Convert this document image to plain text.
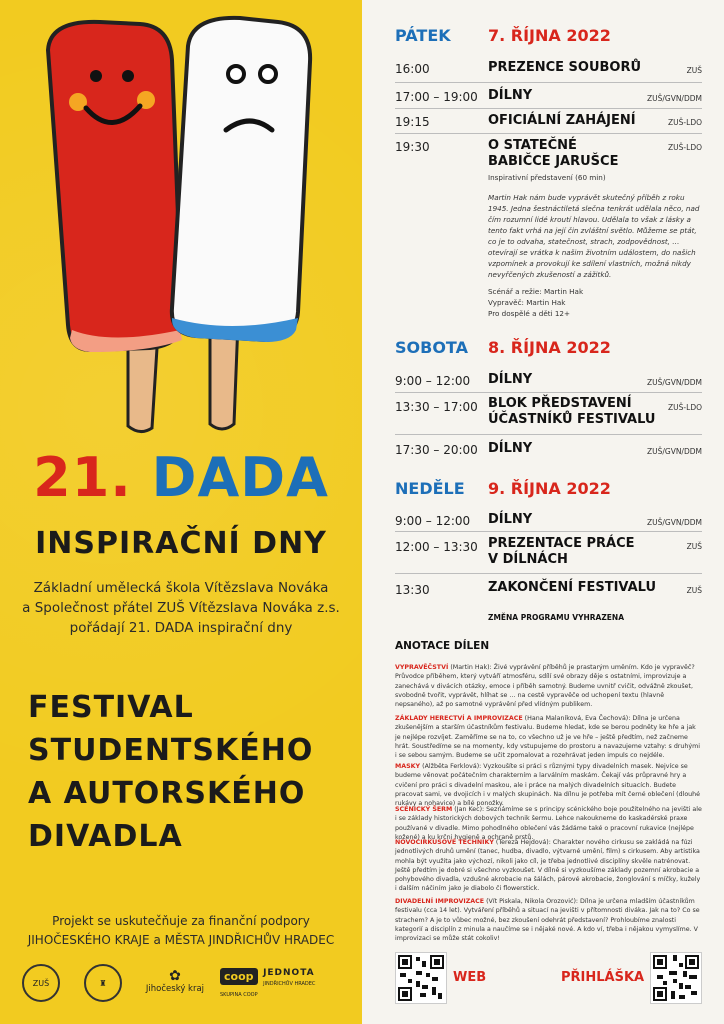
21. DADA
INSPIRAČNÍ DNY
Základní umělecká škola Vítězslava Nováka
a Společnost přátel ZUŠ Vítězslava Nováka z.s.
pořádají 21. DADA inspirační dny
FESTIVAL
STUDENTSKÉHO
A AUTORSKÉHO
DIVADLA
Projekt se uskutečňuje za finanční podpory
JIHOČESKÉHO KRAJE a MĚSTA JINDŘICHŮV HRADEC
ZUŠ	♜	✿
Jihočeský kraj
coop JEDNOTA
JINDŘICHŮV HRADEC
SKUPINA COOP
PÁTEK 7. ŘÍJNA 2022
16:00	PREZENCE SOUBORŮ	ZUŠ
17:00 – 19:00 DÍLNY	ZUŠ/GVN/DDM
19:15	OFICIÁLNÍ ZAHÁJENÍ	ZUŠ-LDO
19:30	O STATEČNÉ
BABIČCE JARUŠCE
ZUŠ-LDO
Inspirativní představení (60 min)
Martin Hak nám bude vyprávět skutečný příběh z roku 1945. Jedna šestnáctiletá slečna tenkrát udělala něco, nad čím rozumní lidé kroutí hlavou. Udělala to však z lásky a tento fakt vrhá na její čin zvláštní světlo. Můžeme se ptát, co je to odvaha, statečnost, strach, zodpovědnost, … otevírají se vrátka k našim životním událostem, do našich vzpomínek a provokují ke sdílení vlastních, možná nikdy nevyřčených zkušeností a zážitků.
Scénář a režie: Martin Hak
Vypravěč: Martin Hak
Pro dospělé a děti 12+
SOBOTA 8. ŘÍJNA 2022
9:00 – 12:00 DÍLNY	ZUŠ/GVN/DDM
13:30 – 17:00 BLOK PŘEDSTAVENÍ
ÚČASTNÍKŮ FESTIVALU
ZUŠ-LDO
17:30 – 20:00 DÍLNY	ZUŠ/GVN/DDM
NEDĚLE 9. ŘÍJNA 2022
9:00 – 12:00 DÍLNY	ZUŠ/GVN/DDM
12:00 – 13:30 PREZENTACE PRÁCE
V DÍLNÁCH
ZUŠ
13:30	ZAKONČENÍ FESTIVALU	ZUŠ
ZMĚNA PROGRAMU VYHRAZENA
ANOTACE DÍLEN
VYPRAVĚČSTVÍ (Martin Hak): Živé vyprávění příběhů je prastarým uměním. Kdo je vypravěč? Průvodce příběhem, který vytváří atmosféru, sdílí své obrazy děje s ostatními, improvizuje a zanechává v divácích otázky, emoce i příběh samotný. Budeme uvnitř cvičit, odvážně zkoušet, svobodně tvořit, vyprávět, hlíhat se … na cestě vypravěče od uchopení textu (hlavně nepsaného), až po samotné vyprávění před vlídným publikem.
ZÁKLADY HERECTVÍ A IMPROVIZACE (Hana Malaníková, Eva Čechová): Dílna je určena zkušenějším a starším účastníkům festivalu. Budeme hledat, kde se berou podněty ke hře a jak je nejlépe rozvíjet. Zaměříme se na to, co všechno už je ve hře – ještě předtím, než začneme hrát. Soustředíme se na momenty, kdy vstupujeme do prostoru a navazujeme vztahy: s druhými i se sebou samým. Budeme se učit zpomalovat a rozehrávat jeden impuls co nejdéle.
MASKY (Alžběta Ferklová): Vyzkoušíte si práci s různými typy divadelních masek. Nejvíce se budeme věnovat počátečním charakterním a larválním maskám. Čekají vás průpravné hry a cvičení pro práci s divadelní maskou, ale i práce na malých divadelních situacích. Budete pracovat sami, ve dvojicích i v malých skupinách. Na dílnu je potřeba mít černé oblečení (dlouhé rukávy a nohavice) a bílé ponožky.
SCÉNICKÝ ŠERM (Jan Kec): Seznámíme se s principy scénického boje použitelného na jevišti ale i se základy historických dobových technik šermu. Lehce nakoukneme do kaskadérské praxe používané v divadle. Mimo pohodlného oblečení vás žádáme také o pracovní rukavice (nejlépe kožené) a ku krčni hygieně a ochraně prstů.
NOVOCIRKUSOVÉ TECHNIKY (Tereza Hejdová): Charakter nového cirkusu se zakládá na fúzi jednotlivých druhů umění (tanec, hudba, divadlo, výtvarné umění, film) s cirkusem. Aby artistika mohla být využita jako výchozí, nikoli jako cíl, je třeba jednotlivé disciplíny skvěle natrénovat. Ještě předtím je dobré si všechno vyzkoušet. V dílně si vyzkoušíme základy pozemní akrobacie a pohybového divadla, vzdušné akrobacie na šálách, párové akrobacie, žonglování s míčky, kužely i dalším náčiním jako je diabolo či flowerstick.
DIVADELNÍ IMPROVIZACE (Vít Piskala, Nikola Orozović): Dílna je určena mladším účastníkům festivalu (cca 14 let). Vytváření příběhů a situací na jevišti v přítomnosti diváka. Jak na to? Co se strachem? A je to vůbec možné, bez zkoušení odehrát představení? Prohloubíme znalosti kategorií a disciplín z minula a naučíme se i nějaké nové. A kdo ví, třeba i nějakou vymyslíme. V improvizaci se může stát cokoliv!
WEB	PŘIHLÁŠKA
